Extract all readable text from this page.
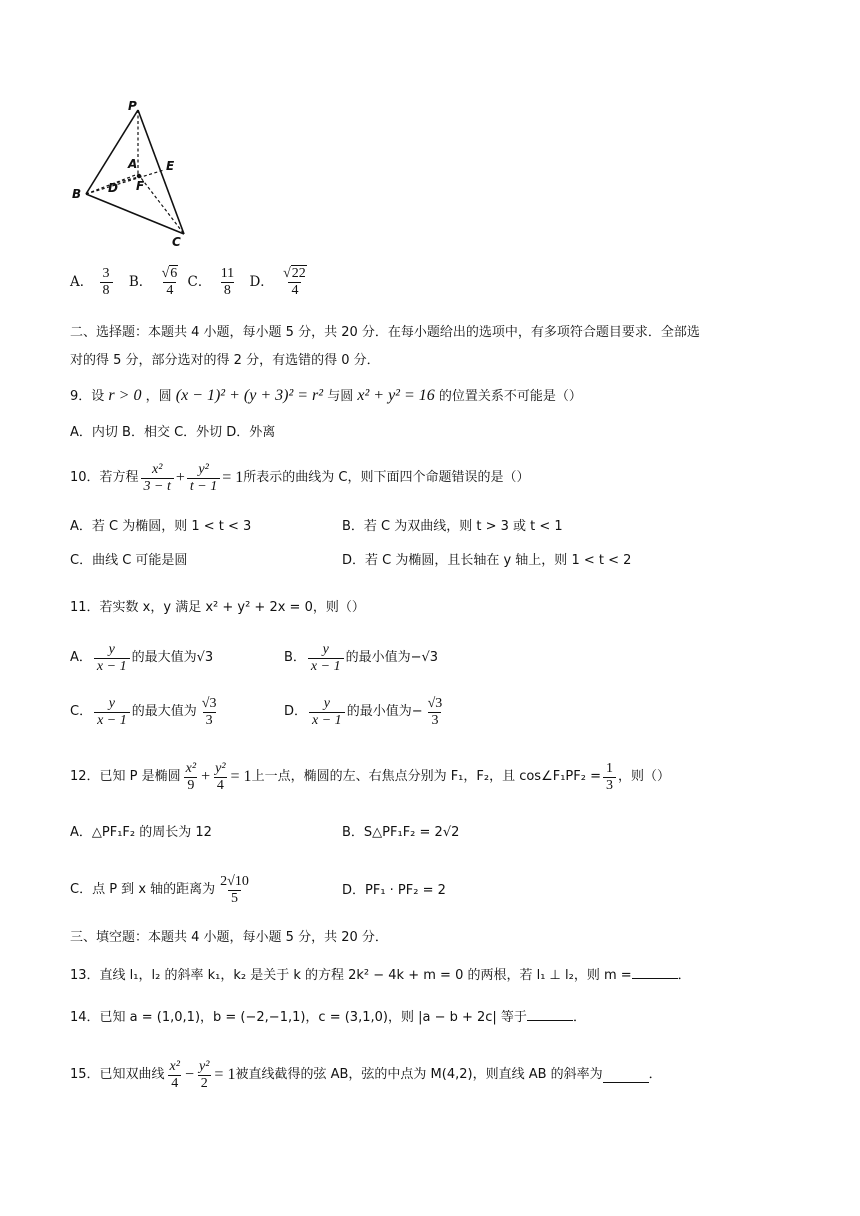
P
A E
B D F
C
A． $\frac{3}{8}$ B． $\frac{√6}{4}$ C． $\frac{11}{8}$ D． $\frac{√22}{4}$
二、选择题：本题共 4 小题，每小题 5 分，共 20 分．在每小题给出的选项中，有多项符合题目要求．全部选
对的得 5 分，部分选对的得 2 分，有选错的得 0 分．
9．设 r > 0 ，圆 (x − 1)² + (y + 3)² = r² 与圆 x² + y² = 16 的位置关系不可能是（）
A．内切 B．相交 C．外切 D．外离
10．若方程 $\frac{\text{x²}}{3 - t} + \frac{\text{y²}}{t - 1} = 1$ 所表示的曲线为 C，则下面四个命题错误的是（）
A．若 C 为椭圆，则 1 < t < 3	B．若 C 为双曲线，则 t > 3 或 t < 1
C．曲线 C 可能是圆	D．若 C 为椭圆，且长轴在 y 轴上，则 1 < t < 2
11．若实数 x，y 满足 x² + y² + 2x = 0，则（）
A． $\frac{y}{x - 1}$ 的最大值为√3	B． $\frac{y}{x - 1}$ 的最小值为−√3
C． $\frac{y}{x - 1}$ 的最大值为 $\frac{√3}{3}$	D． $\frac{y}{x - 1}$ 的最小值为− $\frac{√3}{3}$
12．已知 P 是椭圆 $\frac{\text{x²}}{9} + \frac{\text{y²}}{4} = 1$ 上一点，椭圆的左、右焦点分别为 F₁，F₂，且 cos∠F₁PF₂ = $\frac{1}{3}$ ，则（）
A．△PF₁F₂ 的周长为 12	B．S△PF₁F₂ = 2√2
C．点 P 到 x 轴的距离为 $\frac{2√10}{5}$	D．PF₁ · PF₂ = 2
三、填空题：本题共 4 小题，每小题 5 分，共 20 分．
13．直线 l₁，l₂ 的斜率 k₁，k₂ 是关于 k 的方程 2k² − 4k + m = 0 的两根，若 l₁ ⊥ l₂，则 m =	．
14．已知 a = (1,0,1)，b = (−2,−1,1)，c = (3,1,0)，则 |a − b + 2c| 等于	．
15．已知双曲线 $\frac{\text{x²}}{4} - \frac{\text{y²}}{2} = 1$ 被直线截得的弦 AB，弦的中点为 M(4,2)，则直线 AB 的斜率为	．
